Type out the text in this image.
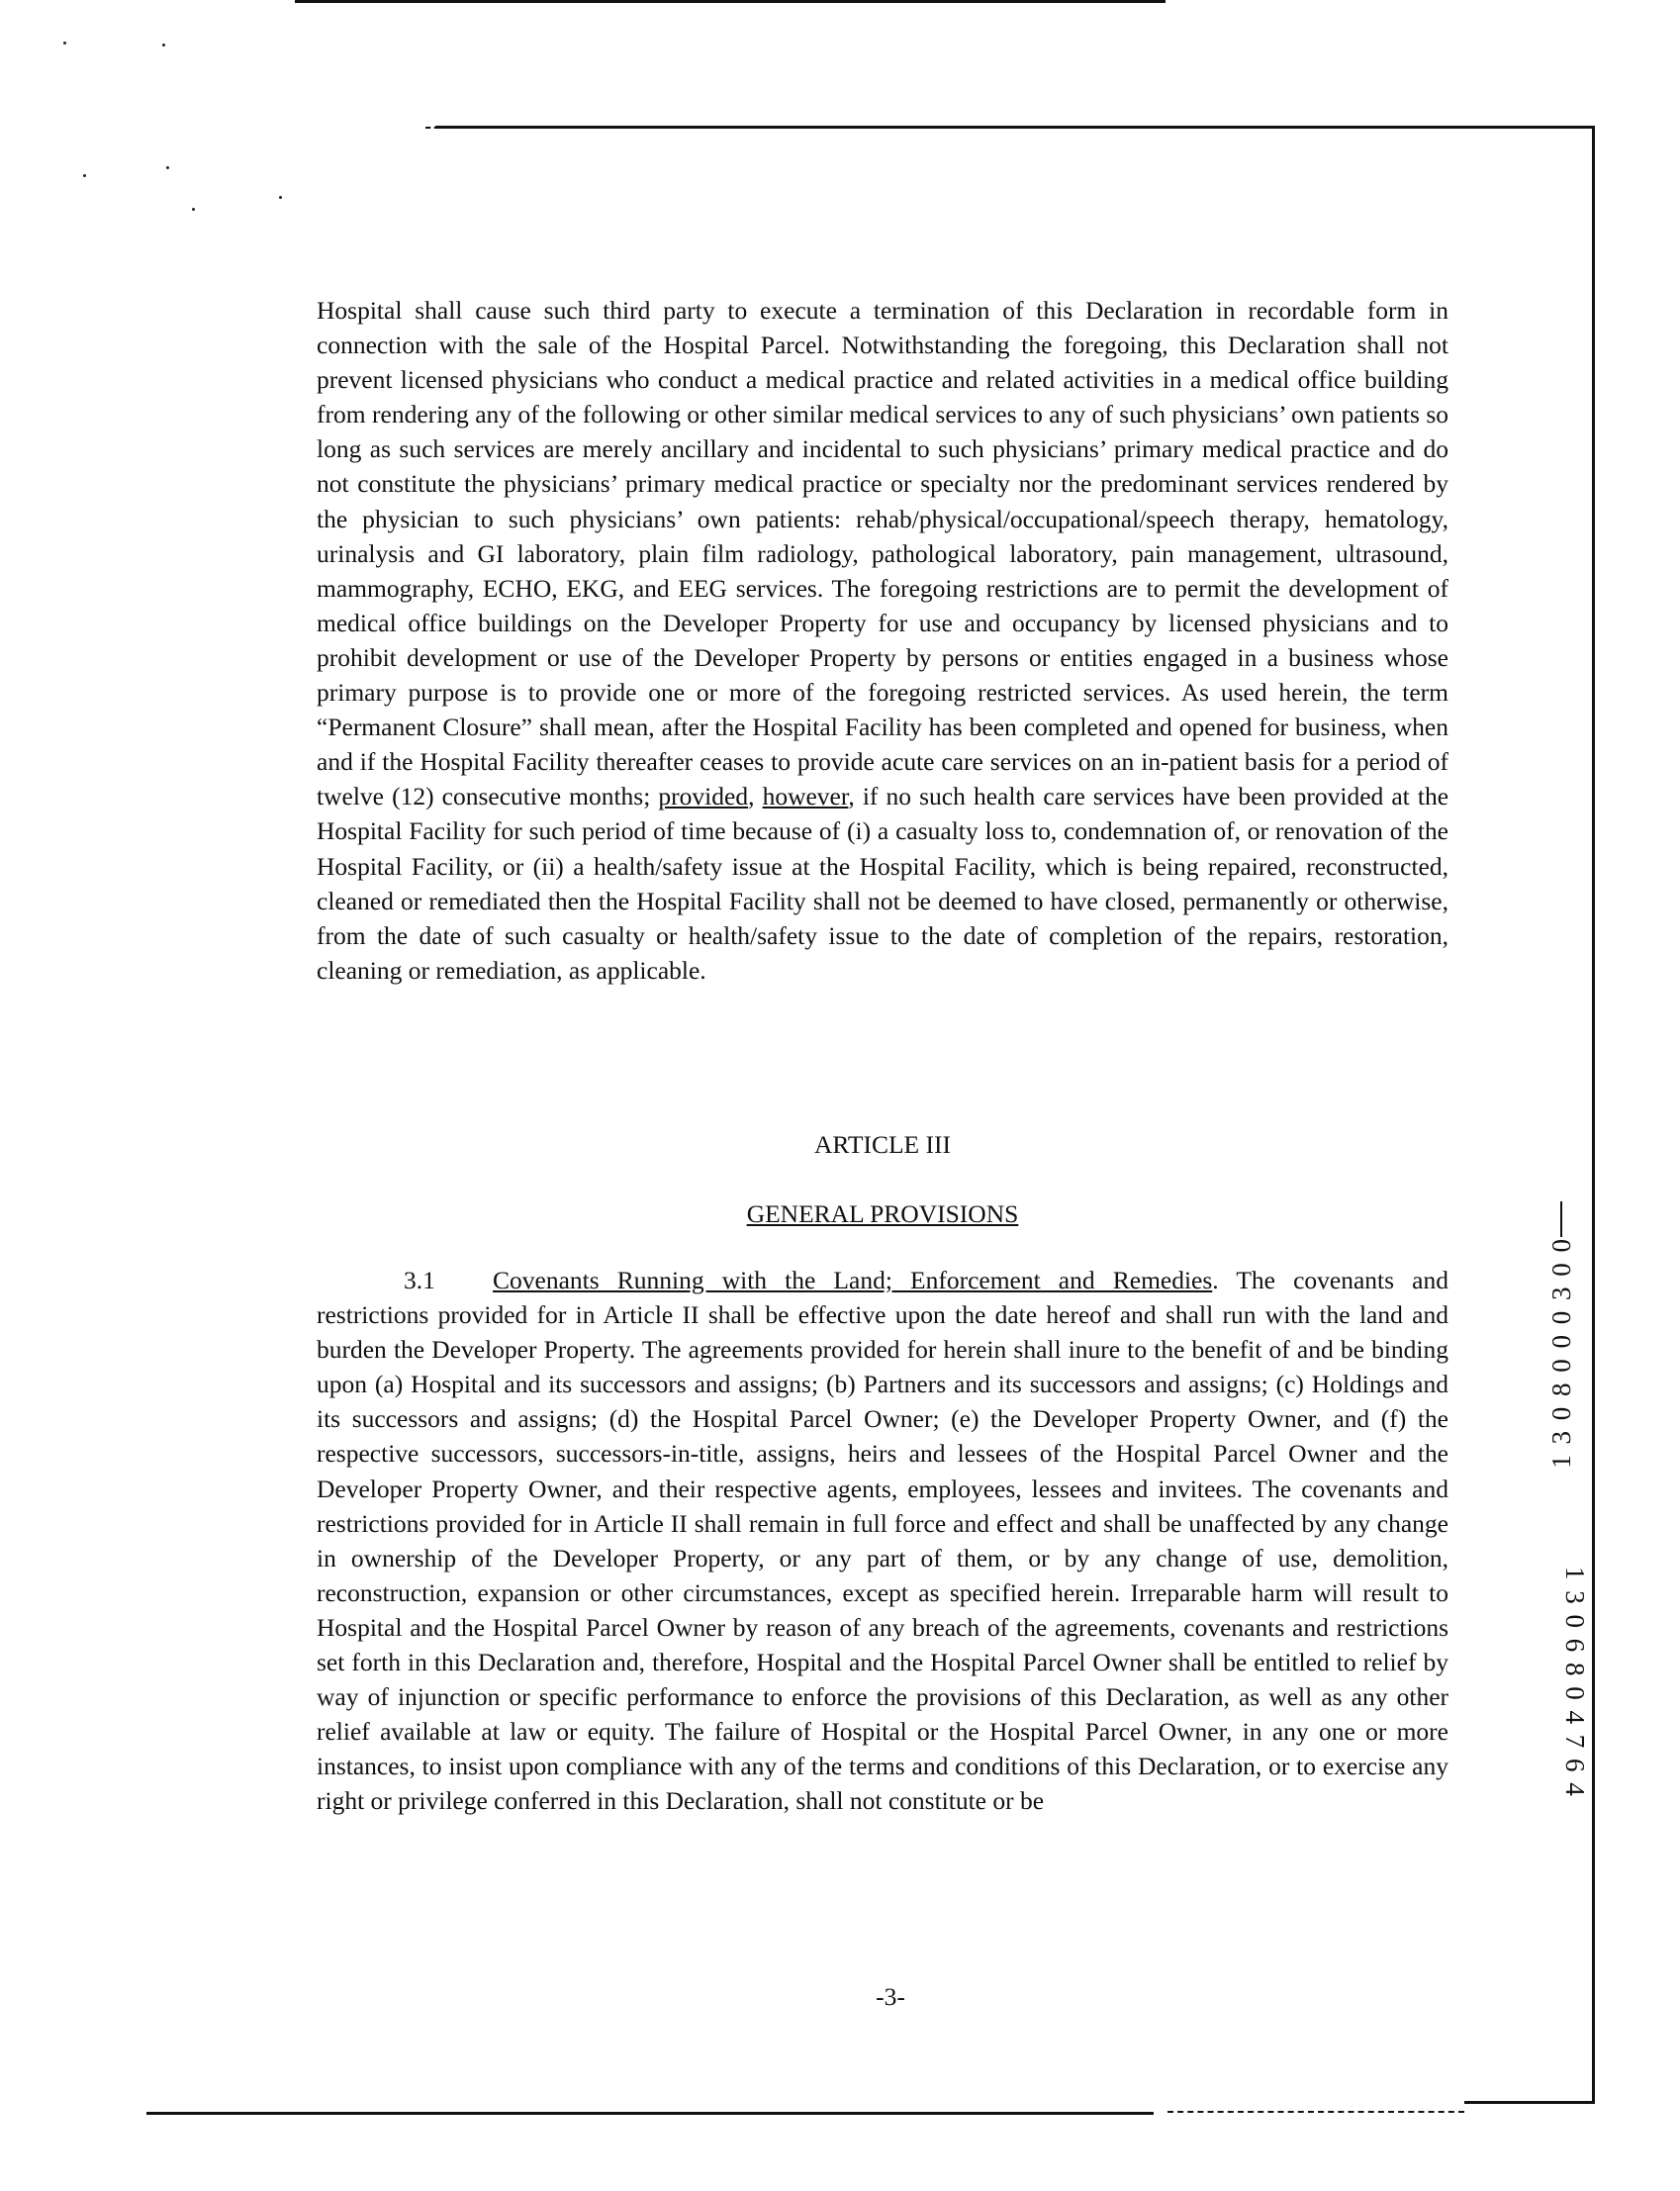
Hospital shall cause such third party to execute a termination of this Declaration in recordable form in connection with the sale of the Hospital Parcel. Notwithstanding the foregoing, this Declaration shall not prevent licensed physicians who conduct a medical practice and related activities in a medical office building from rendering any of the following or other similar medical services to any of such physicians’ own patients so long as such services are merely ancillary and incidental to such physicians’ primary medical practice and do not constitute the physicians’ primary medical practice or specialty nor the predominant services rendered by the physician to such physicians’ own patients: rehab/physical/occupational/speech therapy, hematology, urinalysis and GI laboratory, plain film radiology, pathological laboratory, pain management, ultrasound, mammography, ECHO, EKG, and EEG services. The foregoing restrictions are to permit the development of medical office buildings on the Developer Property for use and occupancy by licensed physicians and to prohibit development or use of the Developer Property by persons or entities engaged in a business whose primary purpose is to provide one or more of the foregoing restricted services. As used herein, the term “Permanent Closure” shall mean, after the Hospital Facility has been completed and opened for business, when and if the Hospital Facility thereafter ceases to provide acute care services on an in-patient basis for a period of twelve (12) consecutive months; provided, however, if no such health care services have been provided at the Hospital Facility for such period of time because of (i) a casualty loss to, condemnation of, or renovation of the Hospital Facility, or (ii) a health/safety issue at the Hospital Facility, which is being repaired, reconstructed, cleaned or remediated then the Hospital Facility shall not be deemed to have closed, permanently or otherwise, from the date of such casualty or health/safety issue to the date of completion of the repairs, restoration, cleaning or remediation, as applicable.

ARTICLE III
GENERAL PROVISIONS

3.1 Covenants Running with the Land; Enforcement and Remedies. The covenants and restrictions provided for in Article II shall be effective upon the date hereof and shall run with the land and burden the Developer Property. The agreements provided for herein shall inure to the benefit of and be binding upon (a) Hospital and its successors and assigns; (b) Partners and its successors and assigns; (c) Holdings and its successors and assigns; (d) the Hospital Parcel Owner; (e) the Developer Property Owner, and (f) the respective successors, successors-in-title, assigns, heirs and lessees of the Hospital Parcel Owner and the Developer Property Owner, and their respective agents, employees, lessees and invitees. The covenants and restrictions provided for in Article II shall remain in full force and effect and shall be unaffected by any change in ownership of the Developer Property, or any part of them, or by any change of use, demolition, reconstruction, expansion or other circumstances, except as specified herein. Irreparable harm will result to Hospital and the Hospital Parcel Owner by reason of any breach of the agreements, covenants and restrictions set forth in this Declaration and, therefore, Hospital and the Hospital Parcel Owner shall be entitled to relief by way of injunction or specific performance to enforce the provisions of this Declaration, as well as any other relief available at law or equity. The failure of Hospital or the Hospital Parcel Owner, in any one or more instances, to insist upon compliance with any of the terms and conditions of this Declaration, or to exercise any right or privilege conferred in this Declaration, shall not constitute or be

-3-
1 3 0 8 0 0 0 3 0 0
1 3 0 6 8 0 4 7 6 4
